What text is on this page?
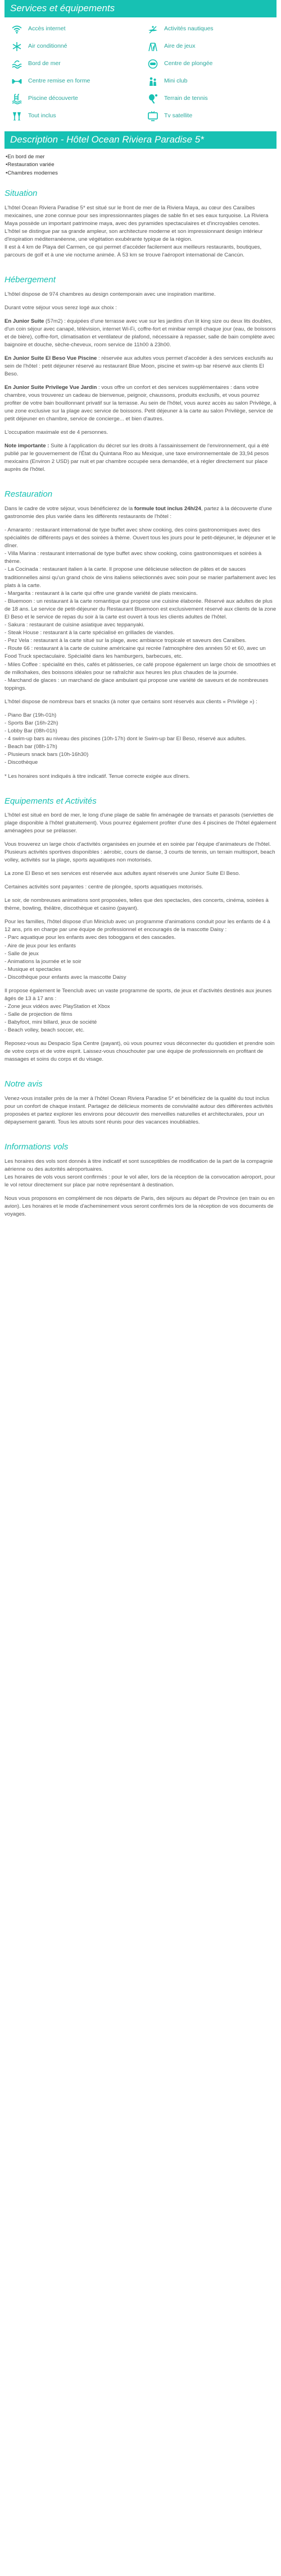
Services et équipements
Accès internet	Activités nautiques
Air conditionné	Aire de jeux
Bord de mer	Centre de plongée
Centre remise en forme	Mini club
Piscine découverte	Terrain de tennis
Tout inclus	Tv satellite
Description - Hôtel Ocean Riviera Paradise 5*
• En bord de mer
• Restauration variée
• Chambres modernes
Situation

L'hôtel Ocean Riviera Paradise 5* est situé sur le front de mer de la Riviera Maya, au cœur des Caraïbes mexicaines, une zone connue pour ses impressionnantes plages de sable fin et ses eaux turquoise. La Riviera Maya possède un important patrimoine maya, avec des pyramides spectaculaires et d'incroyables cenotes.
L'hôtel se distingue par sa grande ampleur, son architecture moderne et son impressionnant design intérieur d'inspiration méditerranéenne, une végétation exubérante typique de la région.
Il est à 4 km de Playa del Carmen, ce qui permet d'accéder facilement aux meilleurs restaurants, boutiques, parcours de golf et à une vie nocturne animée. À 53 km se trouve l'aéroport international de Cancún.

Hébergement

L'hôtel dispose de 974 chambres au design contemporain avec une inspiration maritime.

Durant votre séjour vous serez logé aux choix :

En Junior Suite (57m2) : équipées d'une terrasse avec vue sur les jardins d'un lit king size ou deux lits doubles, d'un coin séjour avec canapé, télévision, internet Wi-Fi, coffre-fort et minibar rempli chaque jour (eau, de boissons et de bière), coffre-fort, climatisation et ventilateur de plafond, nécessaire à repasser, salle de bain complète avec baignoire et douche, sèche-cheveux, room service de 11h00 à 23h00.

En Junior Suite El Beso Vue Piscine : réservée aux adultes vous permet d'accéder à des services exclusifs au sein de l'hôtel : petit déjeuner réservé au restaurant Blue Moon, piscine et swim-up bar réservé aux clients El Beso.

En Junior Suite Privilege Vue Jardin : vous offre un confort et des services supplémentaires : dans votre chambre, vous trouverez un cadeau de bienvenue, peignoir, chaussons, produits exclusifs, et vous pourrez profiter de votre bain bouillonnant privatif sur la terrasse. Au sein de l'hôtel, vous aurez accès au salon Privilège, à une zone exclusive sur la plage avec service de boissons. Petit déjeuner à la carte au salon Privilège, service de petit déjeuner en chambre, service de concierge... et bien d'autres.

L'occupation maximale est de 4 personnes.

Note importante : Suite à l'application du décret sur les droits à l'assainissement de l'environnement, qui a été publié par le gouvernement de l'État du Quintana Roo au Mexique, une taxe environnementale de 33,94 pesos mexicains (Environ 2 USD) par nuit et par chambre occupée sera demandée, et à régler directement sur place auprès de l'hôtel.

Restauration

Dans le cadre de votre séjour, vous bénéficierez de la formule tout inclus 24h/24, partez à la découverte d'une gastronomie des plus variée dans les différents restaurants de l'hôtel :

- Amaranto : restaurant international de type buffet avec show cooking, des coins gastronomiques avec des spécialités de différents pays et des soirées à thème. Ouvert tous les jours pour le petit-déjeuner, le déjeuner et le dîner.
- Villa Marina : restaurant international de type buffet avec show cooking, coins gastronomiques et soirées à thème.
- La Cocinada : restaurant italien à la carte. Il propose une délicieuse sélection de pâtes et de sauces traditionnelles ainsi qu'un grand choix de vins italiens sélectionnés avec soin pour se marier parfaitement avec les plats à la carte.
- Margarita : restaurant à la carte qui offre une grande variété de plats mexicains.
- Bluemoon : un restaurant à la carte romantique qui propose une cuisine élaborée. Réservé aux adultes de plus de 18 ans. Le service de petit-déjeuner du Restaurant Bluemoon est exclusivement réservé aux clients de la zone El Beso et le service de repas du soir à la carte est ouvert à tous les clients adultes de l'hôtel.
- Sakura : restaurant de cuisine asiatique avec teppanyaki.
- Steak House : restaurant à la carte spécialisé en grillades de viandes.
- Pez Vela : restaurant à la carte situé sur la plage, avec ambiance tropicale et saveurs des Caraïbes.
- Route 66 : restaurant à la carte de cuisine américaine qui recrée l'atmosphère des années 50 et 60, avec un Food Truck spectaculaire. Spécialité dans les hamburgers, barbecues, etc.
- Miles Coffee : spécialité en thés, cafés et pâtisseries, ce café propose également un large choix de smoothies et de milkshakes, des boissons idéales pour se rafraîchir aux heures les plus chaudes de la journée.
- Marchand de glaces : un marchand de glace ambulant qui propose une variété de saveurs et de nombreuses toppings.

L'hôtel dispose de nombreux bars et snacks (à noter que certains sont réservés aux clients « Privilège ») :

- Piano Bar (19h-01h)
- Sports Bar (16h-22h)
- Lobby Bar (08h-01h)
- 4 swim-up bars au niveau des piscines (10h-17h) dont le Swim-up bar El Beso, réservé aux adultes.
- Beach bar (08h-17h)
- Plusieurs snack bars (10h-16h30)
- Discothèque

* Les horaires sont indiqués à titre indicatif. Tenue correcte exigée aux dîners.

Equipements et Activités

L'hôtel est situé en bord de mer, le long d'une plage de sable fin aménagée de transats et parasols (serviettes de plage disponible à l'hôtel gratuitement). Vous pourrez également profiter d'une des 4 piscines de l'hôtel également aménagées pour se prélasser.

Vous trouverez un large choix d'activités organisées en journée et en soirée par l'équipe d'animateurs de l'hôtel.
Plusieurs activités sportives disponibles : aérobic, cours de danse, 3 courts de tennis, un terrain multisport, beach volley, activités sur la plage, sports aquatiques non motorisés.

La zone El Beso et ses services est réservée aux adultes ayant réservés une Junior Suite El Beso.

Certaines activités sont payantes : centre de plongée, sports aquatiques motorisés.

Le soir, de nombreuses animations sont proposées, telles que des spectacles, des concerts, cinéma, soirées à thème, bowling, théâtre, discothèque et casino (payant).

Pour les familles, l'hôtel dispose d'un Miniclub avec un programme d'animations conduit pour les enfants de 4 à 12 ans, pris en charge par une équipe de professionnel et encouragés de la mascotte Daisy :

- Parc aquatique pour les enfants avec des toboggans et des cascades.
- Aire de jeux pour les enfants
- Salle de jeux
- Animations la journée et le soir
- Musique et spectacles
- Discothèque pour enfants avec la mascotte Daisy

Il propose également le Teenclub avec un vaste programme de sports, de jeux et d'activités destinés aux jeunes âgés de 13 à 17 ans :

- Zone jeux vidéos avec PlayStation et Xbox
- Salle de projection de films
- Babyfoot, mini billard, jeux de société
- Beach volley, beach soccer, etc.

Reposez-vous au Despacio Spa Centre (payant), où vous pourrez vous déconnecter du quotidien et prendre soin de votre corps et de votre esprit. Laissez-vous chouchouter par une équipe de professionnels en profitant de massages et soins du corps et du visage.

Notre avis

Venez-vous installer près de la mer à l'hôtel Ocean Riviera Paradise 5* et bénéficiez de la qualité du tout inclus pour un confort de chaque instant. Partagez de délicieux moments de convivialité autour des différentes activités proposées et partez explorer les environs pour découvrir des merveilles naturelles et architecturales, pour un dépaysement garanti. Tous les atouts sont réunis pour des vacances inoubliables.

Informations vols

Les horaires des vols sont donnés à titre indicatif et sont susceptibles de modification de la part de la compagnie aérienne ou des autorités aéroportuaires.
Les horaires de vols vous seront confirmés : pour le vol aller, lors de la réception de la convocation aéroport, pour le vol retour directement sur place par notre représentant à destination.

Nous vous proposons en complément de nos départs de Paris, des séjours au départ de Province (en train ou en avion). Les horaires et le mode d'acheminement vous seront confirmés lors de la réception de vos documents de voyages.
